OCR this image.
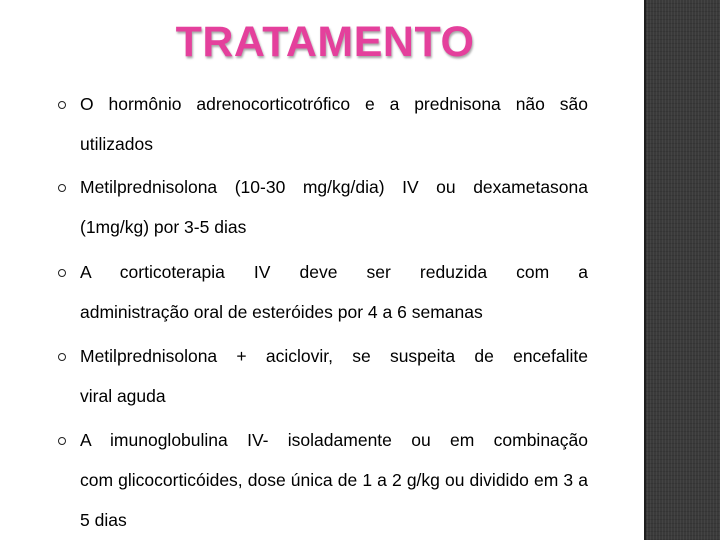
TRATAMENTO
O hormônio adrenocorticotrófico e a prednisona não são
utilizados
Metilprednisolona (10-30 mg/kg/dia) IV ou dexametasona
(1mg/kg) por 3-5 dias
A corticoterapia IV deve ser reduzida com a
administração oral de esteróides por 4 a 6 semanas
Metilprednisolona + aciclovir, se suspeita de encefalite
viral aguda
A imunoglobulina IV- isoladamente ou em combinação
com glicocorticóides, dose única de 1 a 2 g/kg ou dividido em 3 a 5 dias
